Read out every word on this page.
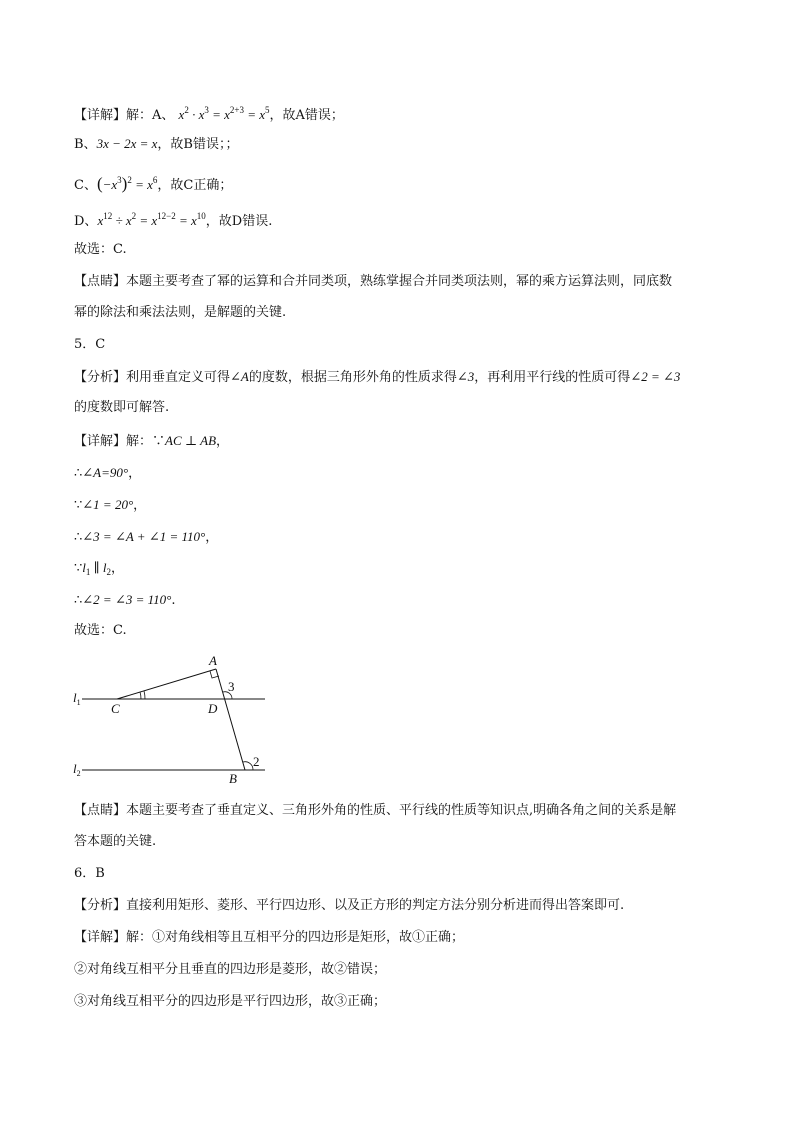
【详解】解：A、 $x^2 \cdot x^3 = x^{2+3} = x^5$，故A错误；
B、3x − 2x = x，故B错误；；
C、$(-x^3)^2 = x^6$，故C正确；
D、$x^{12} \div x^2 = x^{12-2} = x^{10}$，故D错误.
故选：C.
【点睛】本题主要考查了幂的运算和合并同类项，熟练掌握合并同类项法则，幂的乘方运算法则，同底数
幂的除法和乘法法则，是解题的关键.
5．C
【分析】利用垂直定义可得∠A的度数，根据三角形外角的性质求得∠3，再利用平行线的性质可得∠2 = ∠3
的度数即可解答.
【详解】解：∵AC ⊥ AB，
∴∠A=90°，
∵∠1 = 20°，
∴∠3 = ∠A + ∠1 = 110°，
$\because l_1$ ∥ $l_2$，
∴∠2 = ∠3 = 110°.
故选：C.
A
3
C	D
2
B
$l_1$
$l_2$
【点睛】本题主要考查了垂直定义、三角形外角的性质、平行线的性质等知识点,明确各角之间的关系是解
答本题的关键.
6．B
【分析】直接利用矩形、菱形、平行四边形、以及正方形的判定方法分别分析进而得出答案即可.
【详解】解：①对角线相等且互相平分的四边形是矩形，故①正确；
②对角线互相平分且垂直的四边形是菱形，故②错误；
③对角线互相平分的四边形是平行四边形，故③正确；
